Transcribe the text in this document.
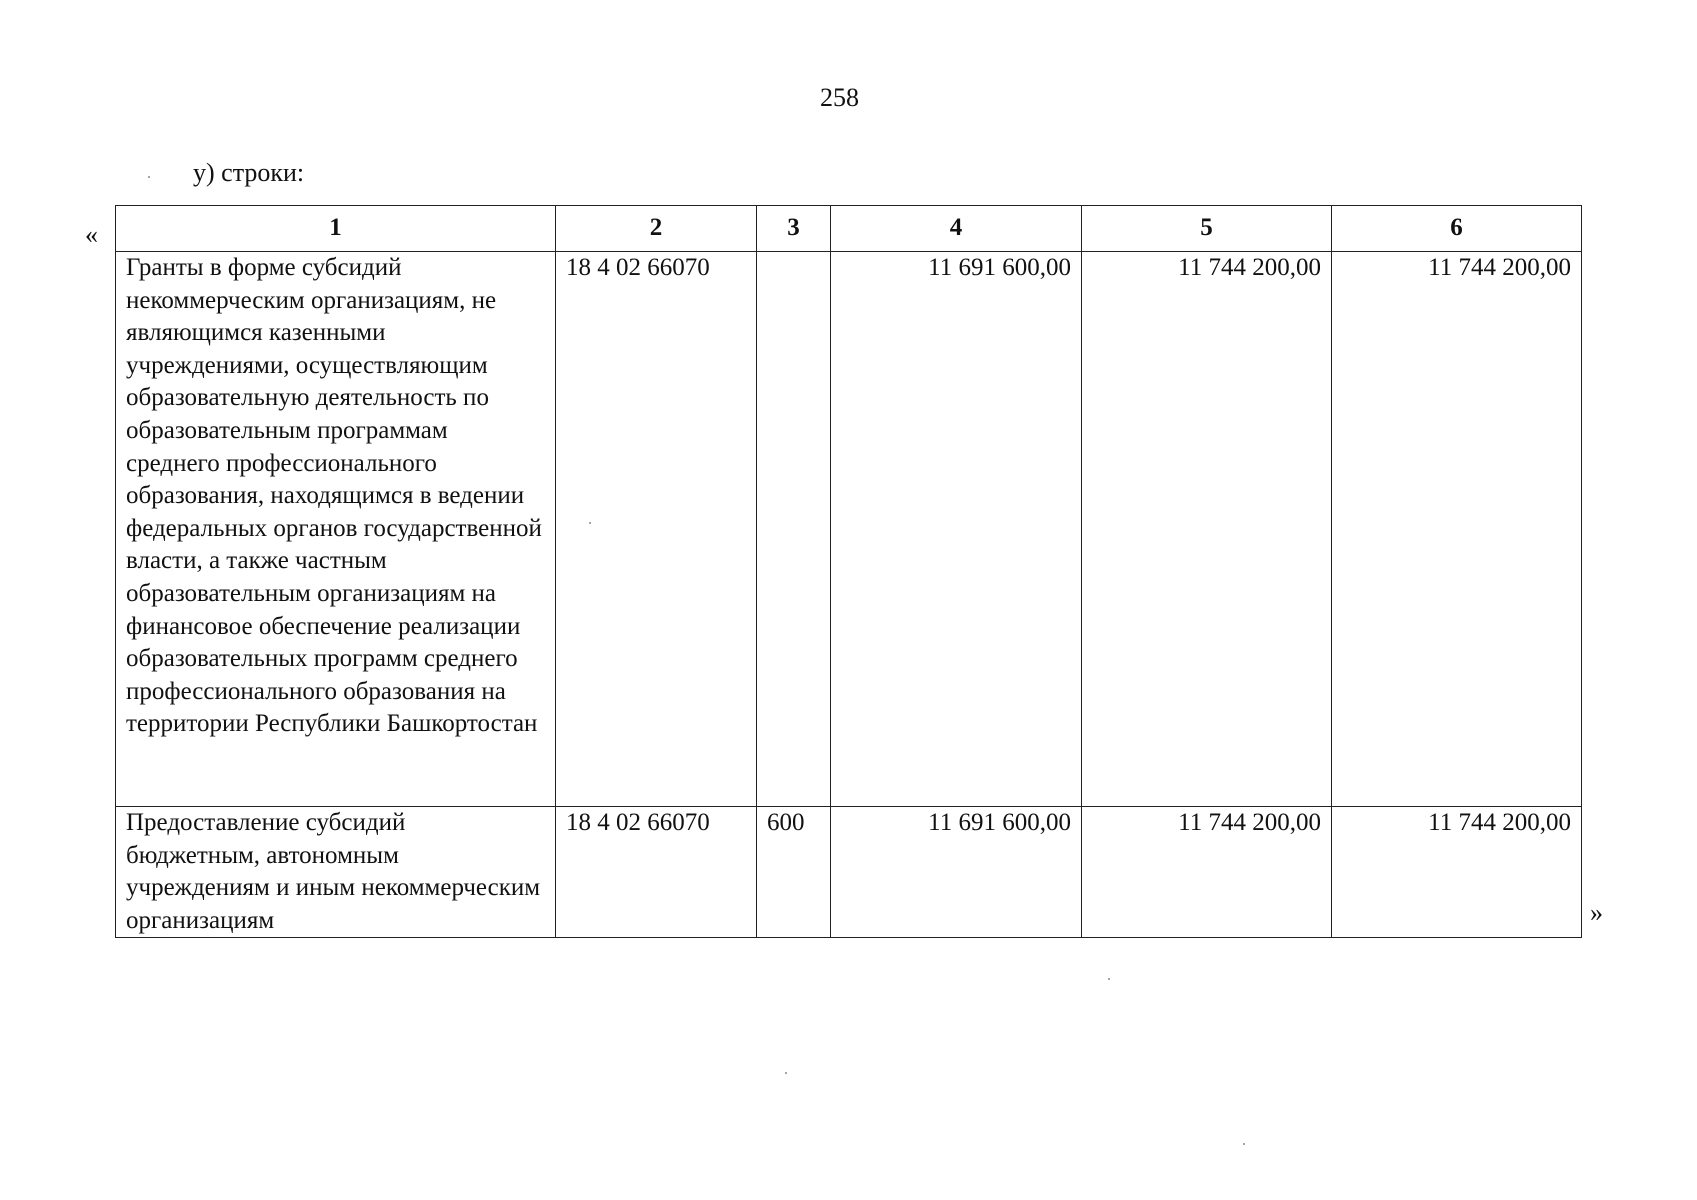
258
у) строки:
«	1	2	3	4	5	6
Гранты в форме субсидий некоммерческим организациям, не являющимся казенными учреждениями, осуществляющим образовательную деятельность по образовательным программам среднего профессионального образования, находящимся в ведении федеральных органов государственной власти, а также частным образовательным организациям на финансовое обеспечение реализации образовательных программ среднего профессионального образования на территории Республики Башкортостан	18 4 02 66070		11 691 600,00	11 744 200,00	11 744 200,00
Предоставление субсидий бюджетным, автономным учреждениям и иным некоммерческим организациям	18 4 02 66070	600	11 691 600,00	11 744 200,00	11 744 200,00
»
